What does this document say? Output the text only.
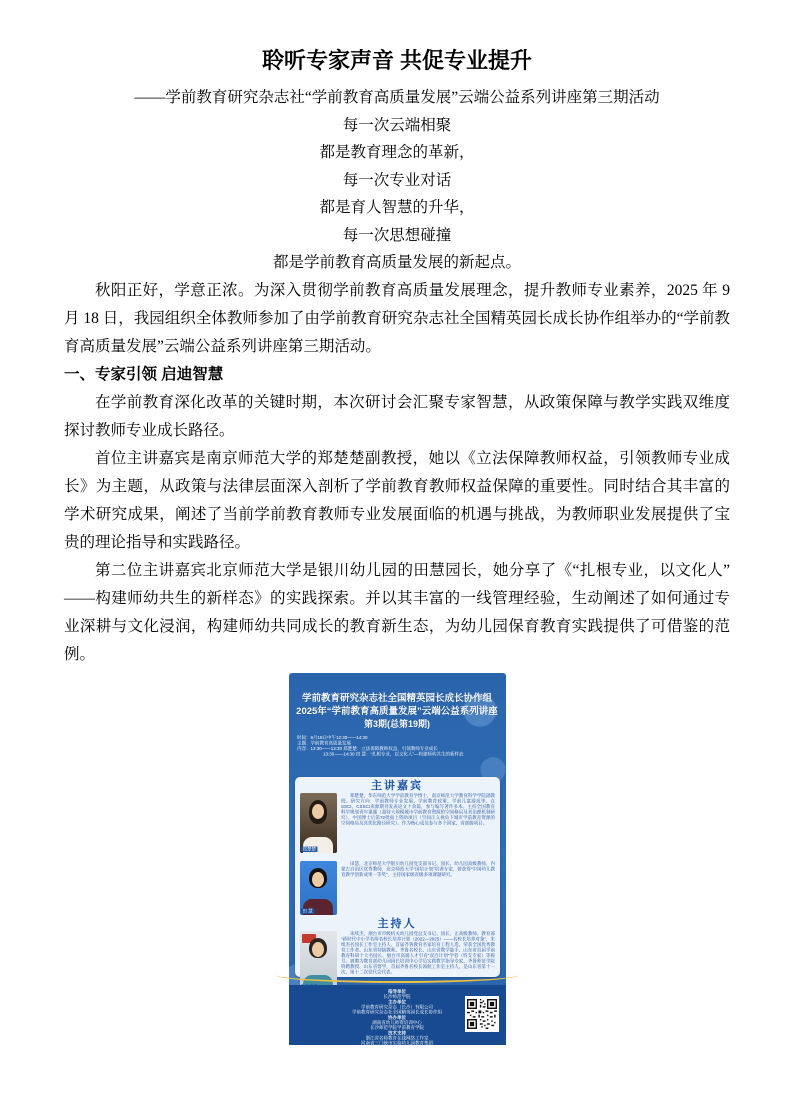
聆听专家声音 共促专业提升
——学前教育研究杂志社“学前教育高质量发展”云端公益系列讲座第三期活动
每一次云端相聚
都是教育理念的革新，
每一次专业对话
都是育人智慧的升华，
每一次思想碰撞
都是学前教育高质量发展的新起点。

秋阳正好，学意正浓。为深入贯彻学前教育高质量发展理念，提升教师专业素养，2025 年 9 月 18 日，我园组织全体教师参加了由学前教育研究杂志社全国精英园长成长协作组举办的“学前教育高质量发展”云端公益系列讲座第三期活动。

一、专家引领 启迪智慧

在学前教育深化改革的关键时期，本次研讨会汇聚专家智慧，从政策保障与教学实践双维度探讨教师专业成长路径。

首位主讲嘉宾是南京师范大学的郑楚楚副教授，她以《立法保障教师权益，引领教师专业成长》为主题，从政策与法律层面深入剖析了学前教育教师权益保障的重要性。同时结合其丰富的学术研究成果，阐述了当前学前教育教师专业发展面临的机遇与挑战，为教师职业发展提供了宝贵的理论指导和实践路径。

第二位主讲嘉宾北京师范大学是银川幼儿园的田慧园长，她分享了《“扎根专业，以文化人”——构建师幼共生的新样态》的实践探索。并以其丰富的一线管理经验，生动阐述了如何通过专业深耕与文化浸润，构建师幼共同成长的教育新生态，为幼儿园保育教育实践提供了可借鉴的范例。

学前教育研究杂志社全国精英园长成长协作组
2025年“学前教育高质量发展”云端公益系列讲座
第3期(总第19期)
时间：9月18日中午12:30——14:30
主题：学前教育高质量发展
内容：12:30——13:30 郑楚楚：立法保障教师权益，引领教师专业成长
13:30——14:30 田 慧：“扎根专业，以文化人”—构建师幼共生的新样态
主讲嘉宾
郑楚楚
郑楚楚，华东师范大学学前教育学博士，南京师范大学教育科学学院副教授。研究方向：学前教师专业发展、学前教育政策、学前儿童游戏等。在SSCI、CSSCI来源期刊发表论文十余篇，参与编写著作多本。主持全国教育科学规划青年课题（超特大规模城市学前教育资源的空间格局及其治理机制研究）、中国博士后第72批面上资助项目（空间正义视角下城市学前教育资源的空间格局及其优化路径研究）。作为核心成员参与多个国家、省部级项目。
田 慧
田慧，北京师范大学银川幼儿园党支部书记、园长、幼儿园高级教师，内蒙古自治区优秀教师，北京师范大学“国培计划”培训专家，曾获得“中国幼儿教育教学创新成果一等奖”，主持国家级省级多项课题研究。
主持人
朱续杰，烟台市市级机关幼儿园党总支书记、园长，正高级教师。教育部“新时代中小学名师名校长培养计划（2022—2025）——名校长培养对象”，朱续杰名园长工作室主持人，首届齐鲁教育名家培育工程人选，荣获全国优秀教育工作者、山东省特级教师、齐鲁名校长、山东省教学能手、山东省首届学前教育科研十大名园长、烟台市高端人才引育“双百计划”学者（特支专家）等称号。被聘为教育部幼儿园园长培训中心学员实践教学指导专家、齐鲁师范学院特聘教授、山东省督学，首届齐鲁名校长领航工作室主持人，是山东省第十一次、第十二次党代会代表。
指导单位
长沙师范学院
主办单位
学前教育研究杂志（长沙）有限公司
学前教育研究杂志社全国精英园长成长协作组
协办单位
湖南省幼儿师资培训中心
长沙师范学院学前教育学院
技术支持
浙江省名师教育在线网络工作室
河南省三门峡市实验幼儿园教育集团
